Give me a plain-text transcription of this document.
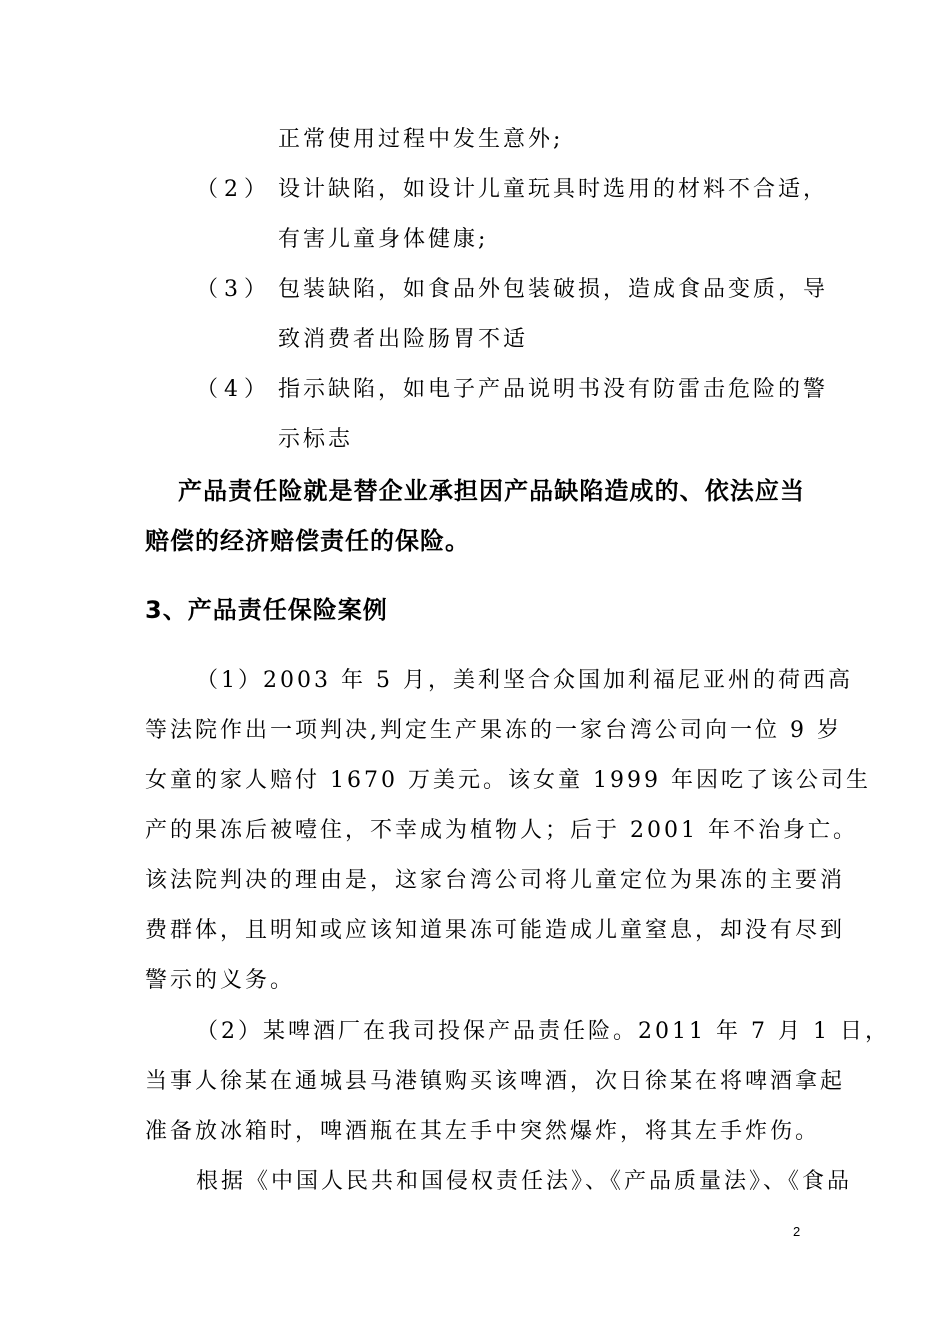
正常使用过程中发生意外;
（2） 设计缺陷，如设计儿童玩具时选用的材料不合适，
有害儿童身体健康;
（3） 包装缺陷，如食品外包装破损，造成食品变质，导
致消费者出险肠胃不适
（4） 指示缺陷，如电子产品说明书没有防雷击危险的警
示标志
产品责任险就是替企业承担因产品缺陷造成的、依法应当
赔偿的经济赔偿责任的保险。
3、产品责任保险案例
（1）2003 年 5 月，美利坚合众国加利福尼亚州的荷西高
等法院作出一项判决,判定生产果冻的一家台湾公司向一位 9 岁
女童的家人赔付 1670 万美元。该女童 1999 年因吃了该公司生
产的果冻后被噎住，不幸成为植物人；后于 2001 年不治身亡。
该法院判决的理由是，这家台湾公司将儿童定位为果冻的主要消
费群体，且明知或应该知道果冻可能造成儿童窒息，却没有尽到
警示的义务。
（2）某啤酒厂在我司投保产品责任险。2011 年 7 月 1 日，
当事人徐某在通城县马港镇购买该啤酒，次日徐某在将啤酒拿起
准备放冰箱时，啤酒瓶在其左手中突然爆炸，将其左手炸伤。
根据《中国人民共和国侵权责任法》、《产品质量法》、《食品
2
